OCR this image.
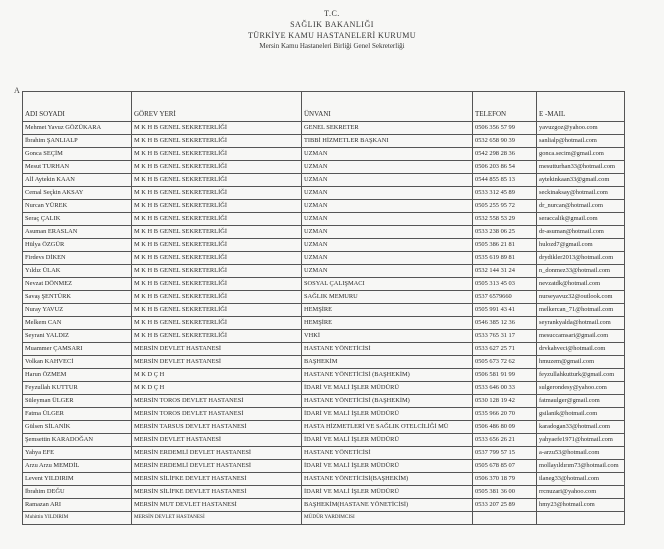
T.C.
SAĞLIK BAKANLIĞI
TÜRKİYE KAMU HASTANELERİ KURUMU
Mersin Kamu Hastaneleri Birliği Genel Sekreterliği
A
ADI SOYADI	GÖREV YERİ	ÜNVANI	TELEFON	E -MAIL
Mehmet Yavuz GÖZÜKARA	M K H B GENEL SEKRETERLİĞİ	GENEL SEKRETER	0506 356 57 99	yavuzgoz@yahoo.com
İbrahim ŞANLIALP	M K H B GENEL SEKRETERLİĞİ	TIBBİ HİZMETLER BAŞKANI	0532 658 90 39	sanlialp@hotmail.com
Gonca SEÇİM	M K H B GENEL SEKRETERLİĞİ	UZMAN	0542 298 28 36	gonca.secim@gmail.com
Mesut TURHAN	M K H B GENEL SEKRETERLİĞİ	UZMAN	0506 203 86 54	mesutturhan33@hotmail.com
Alİ Aytekin KAAN	M K H B GENEL SEKRETERLİĞİ	UZMAN	0544 855 85 13	aytekinkaan33@gmail.com
Cemal Seçkin AKSAY	M K H B GENEL SEKRETERLİĞİ	UZMAN	0533 312 45 89	seckinaksay@hotmail.com
Nurcan YÜREK	M K H B GENEL SEKRETERLİĞİ	UZMAN	0505 255 95 72	dr_nurcan@hotmail.com
Seraç ÇALIK	M K H B GENEL SEKRETERLİĞİ	UZMAN	0532 558 53 29	seraccalik@gmail.com
Asuman ERASLAN	M K H B GENEL SEKRETERLİĞİ	UZMAN	0533 238 06 25	dr-asuman@hotmail.com
Hülya ÖZGÜR	M K H B GENEL SEKRETERLİĞİ	UZMAN	0505 386 21 81	hulozd7@gmail.com
Firdevs DİKEN	M K H B GENEL SEKRETERLİĞİ	UZMAN	0535 619 89 81	drydikler2013@hotmail.com
Yıldız ÜLAK	M K H B GENEL SEKRETERLİĞİ	UZMAN	0532 144 31 24	n_donmez33@hotmail.com
Nevzat DÖNMEZ	M K H B GENEL SEKRETERLİĞİ	SOSYAL ÇALIŞMACI	0505 313 45 03	nevzatdk@hotmail.com
Savaş ŞENTÜRK	M K H B GENEL SEKRETERLİĞİ	SAĞLIK MEMURU	0537 6579660	nurseyavuz32@outlook.com
Nuray YAVUZ	M K H B GENEL SEKRETERLİĞİ	HEMŞİRE	0505 991 43 41	melkercan_71@hotmail.com
Melkem CAN	M K H B GENEL SEKRETERLİĞİ	HEMŞİRE	0546 385 12 36	seyrankyalda@hotmail.com
Seyrani YALDIZ	M K H B GENEL SEKRETERLİĞİ	VHKİ	0533 765 31 17	mesuccamsari@gmail.com
Muammer ÇAMSARI	MERSİN DEVLET HASTANESİ	HASTANE YÖNETİCİSİ	0533 627 25 71	drvkahveci@hotmail.com
Volkan KAHVECİ	MERSİN DEVLET HASTANESİ	BAŞHEKİM	0505 673 72 62	hmuzem@gmail.com
Harun ÖZMEM	M K D Ç H	HASTANE YÖNETİCİSİ (BAŞHEKİM)	0506 581 91 99	feyzullahkutturk@gmail.com
Feyzullah KUTTUR	M K D Ç H	İDARİ VE MALİ İŞLER MÜDÜRÜ	0533 646 00 33	sulgerondesy@yahoo.com
Süleyman ÜLGER	MERSİN TOROS DEVLET HASTANESİ	HASTANE YÖNETİCİSİ (BAŞHEKİM)	0530 128 19 42	fatmaulger@gmail.com
Fatma ÜLGER	MERSİN TOROS DEVLET HASTANESİ	İDARİ VE MALİ İŞLER MÜDÜRÜ	0535 966 20 70	gsilanik@hotmail.com
Gülsen SİLANİK	MERSİN TARSUS DEVLET HASTANESİ	HASTA HİZMETLERİ VE SAĞLIK OTELCİLİĞİ MÜ	0506 486 80 09	karadogan33@hotmail.com
Şemsettin KARADOĞAN	MERSİN DEVLET HASTANESİ	İDARİ VE MALİ İŞLER MÜDÜRÜ	0533 656 26 21	yahyaefe1971@hotmail.com
Yahya EFE	MERSİN ERDEMLİ DEVLET HASTANESİ	HASTANE YÖNETİCİSİ	0537 799 57 15	a-arzu53@hotmail.com
Arzu Arzu MEMDİL	MERSİN ERDEMLİ DEVLET HASTANESİ	İDARİ VE MALİ İŞLER MÜDÜRÜ	0505 678 85 07	mollayıldırım73@hotmail.com
Levent YILDIRIM	MERSİN SİLİFKE DEVLET HASTANESİ	HASTANE YÖNETİCİSİ(BAŞHEKİM)	0506 370 18 79	ilaneg33@hotmail.com
İbrahim DEĞU	MERSİN SİLİFKE DEVLET HASTANESİ	İDARİ VE MALİ İŞLER MÜDÜRÜ	0505 381 36 00	rrcnuzari@yahoo.com
Ramazan ARI	MERSİN MUT DEVLET HASTANESİ	BAŞHEKİM(HASTANE YÖNETİCİSİ)	0533 207 25 89	hmy23@hotmail.com
Muhittin YILDIRIM	MERSİN DEVLET HASTANESİ	MÜDÜR YARDIMCISI		
